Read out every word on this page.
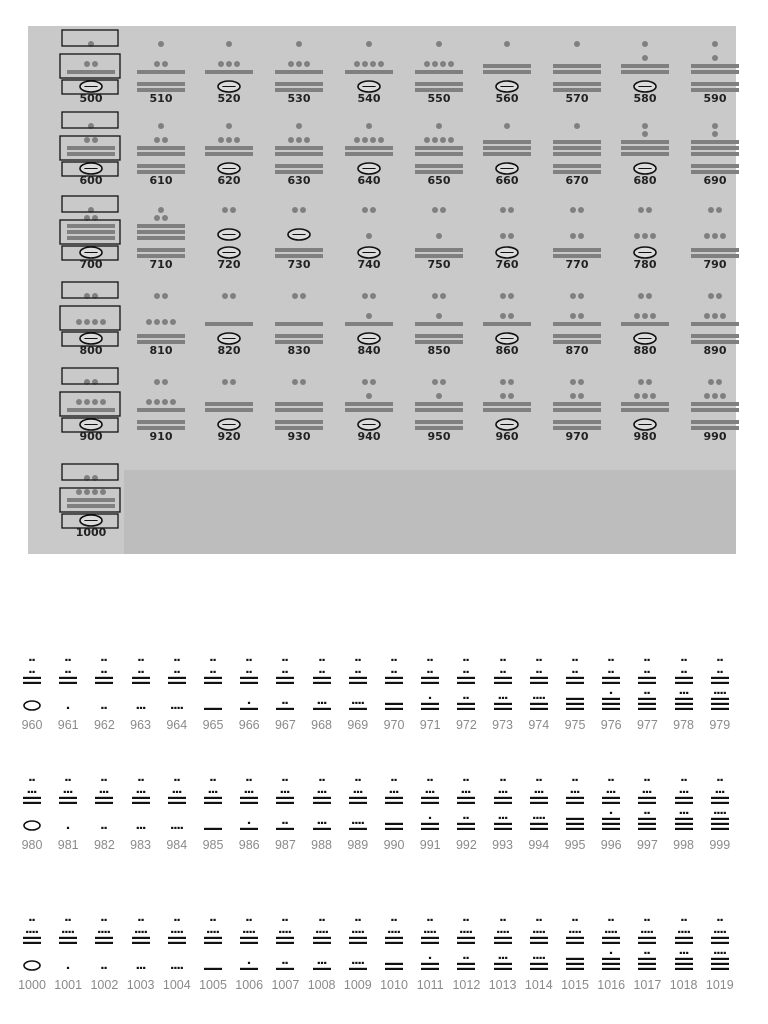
500	510	520	530	540	550	560	570	580	590
600	610	620	630	640	650	660	670	680	690
700	710	720	730	740	750	760	770	780	790
800	810	820	830	840	850	860	870	880	890
900	910	920	930	940	950	960	970	980	990
1000
960	961	962	963	964	965	966	967	968	969	970	971	972	973	974	975	976	977	978	979
980	981	982	983	984	985	986	987	988	989	990	991	992	993	994	995	996	997	998	999
1000 1001 1002 1003 1004 1005 1006 1007 1008 1009 1010 1011 1012 1013 1014 1015 1016 1017 1018 1019
